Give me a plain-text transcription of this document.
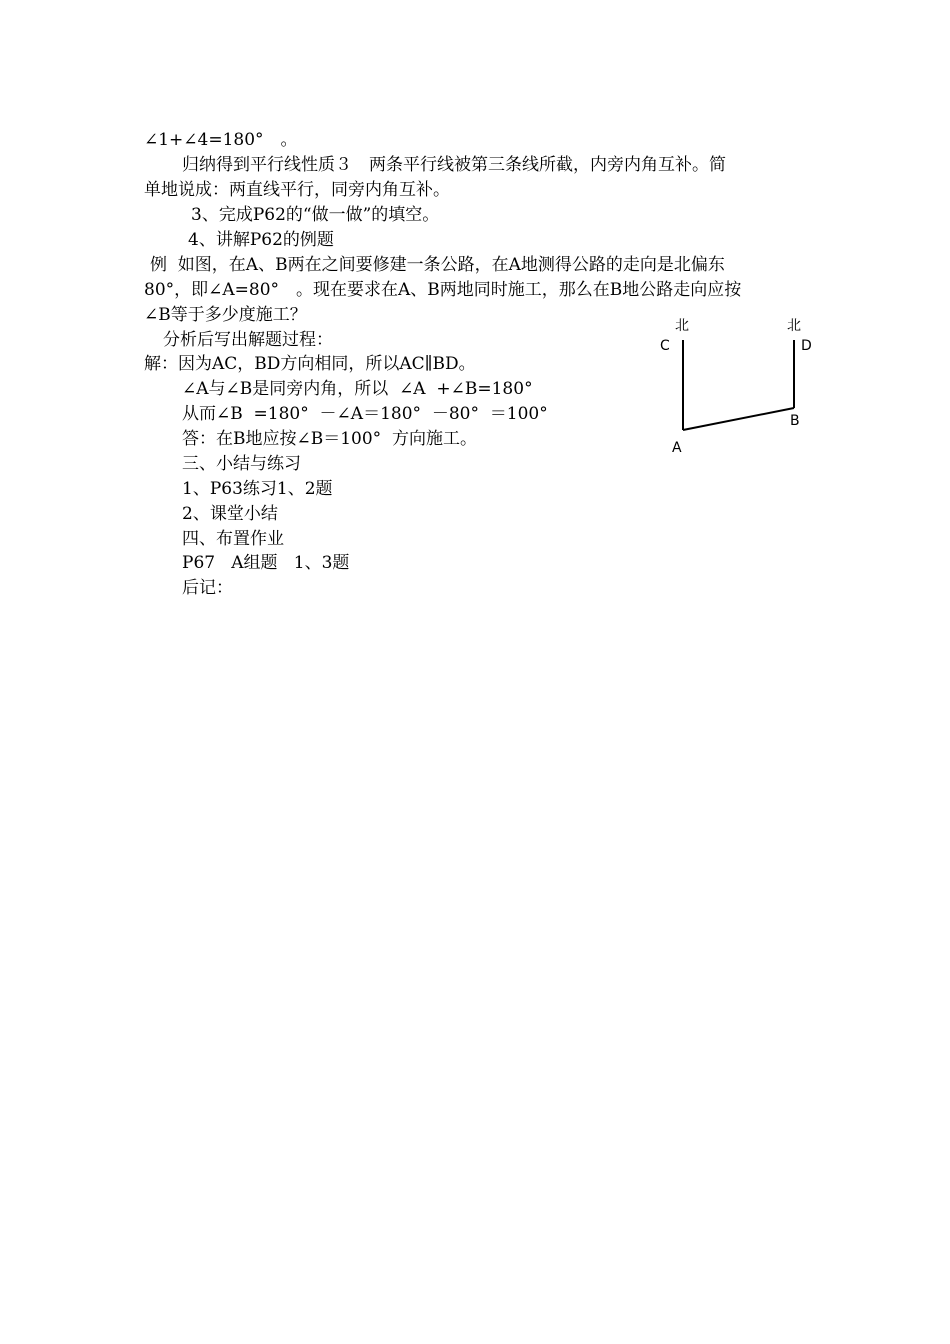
∠1+∠4=180°　。
归纳得到平行线性质３　两条平行线被第三条线所截，内旁内角互补。简
单地说成：两直线平行，同旁内角互补。
3、完成P62的“做一做”的填空。
4、讲解P62的例题
例  如图，在A、B两在之间要修建一条公路，在A地测得公路的走向是北偏东
80°，即∠A=80°　。现在要求在A、B两地同时施工，那么在B地公路走向应按
∠B等于多少度施工？
分析后写出解题过程：
解：因为AC，BD方向相同，所以AC∥BD。
∠A与∠B是同旁内角，所以  ∠A  +∠B=180°
从而∠B  =180°  －∠A＝180°  －80°  ＝100°
答：在B地应按∠B＝100°  方向施工。
三、小结与练习
1、P63练习1、2题
2、课堂小结
四、布置作业
P67   A组题   1、3题
后记：
北	北
C	D
A
B
